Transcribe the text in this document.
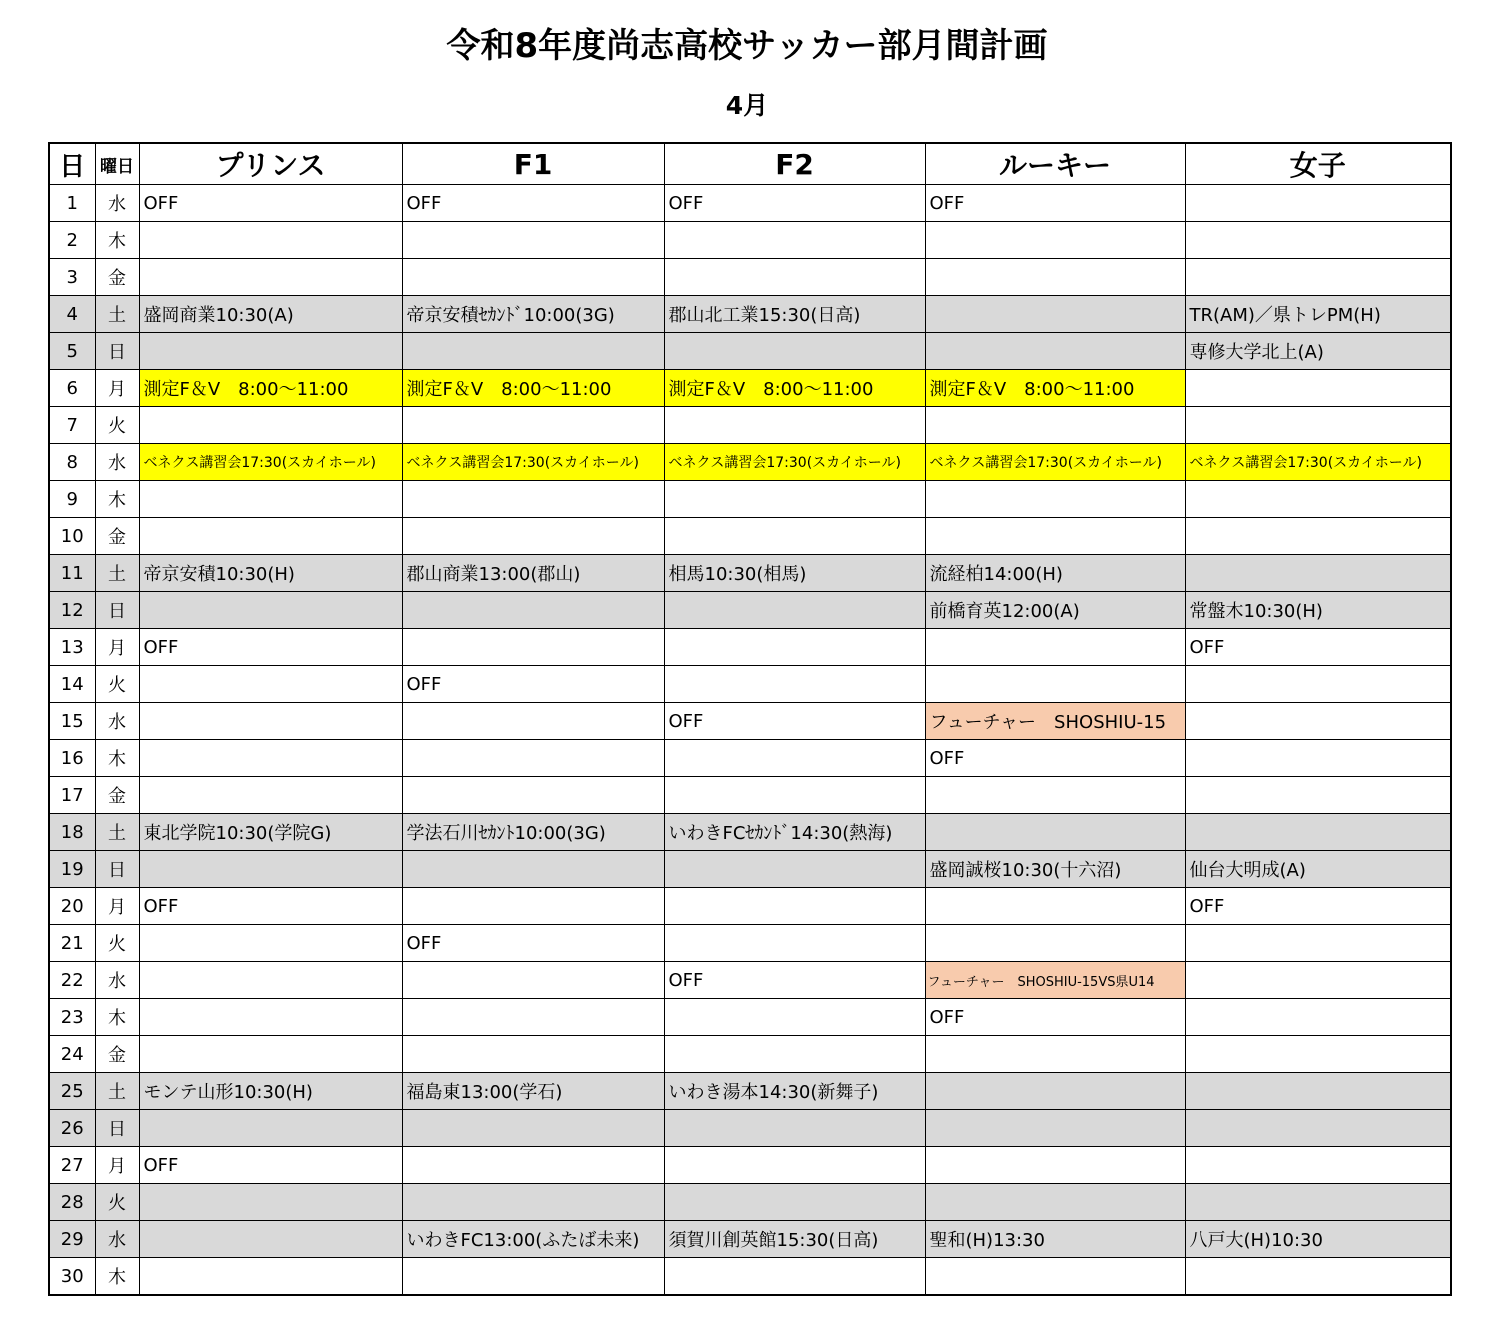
令和8年度尚志高校サッカー部月間計画
4月
日	曜日	プリンス	F1	F2	ルーキー	女子
1	水	OFF	OFF	OFF	OFF	
2	木					
3	金					
4	土	盛岡商業10:30(A)	帝京安積ｾｶﾝﾄﾞ10:00(3G)	郡山北工業15:30(日高)		TR(AM)／県トレPM(H)
5	日					専修大学北上(A)
6	月	測定F＆V　8:00～11:00	測定F＆V　8:00～11:00	測定F＆V　8:00～11:00	測定F＆V　8:00～11:00	
7	火					
8	水	ベネクス講習会17:30(スカイホール)	ベネクス講習会17:30(スカイホール)	ベネクス講習会17:30(スカイホール)	ベネクス講習会17:30(スカイホール)	ベネクス講習会17:30(スカイホール)
9	木					
10	金					
11	土	帝京安積10:30(H)	郡山商業13:00(郡山)	相馬10:30(相馬)	流経柏14:00(H)	
12	日				前橋育英12:00(A)	常盤木10:30(H)
13	月	OFF				OFF
14	火		OFF			
15	水			OFF	フューチャー　SHOSHIU-15	
16	木				OFF	
17	金					
18	土	東北学院10:30(学院G)	学法石川ｾｶﾝﾄ10:00(3G)	いわきFCｾｶﾝﾄﾞ14:30(熱海)		
19	日				盛岡誠桜10:30(十六沼)	仙台大明成(A)
20	月	OFF				OFF
21	火		OFF			
22	水			OFF	フューチャー　SHOSHIU-15VS県U14	
23	木				OFF	
24	金					
25	土	モンテ山形10:30(H)	福島東13:00(学石)	いわき湯本14:30(新舞子)		
26	日					
27	月	OFF				
28	火					
29	水		いわきFC13:00(ふたば未来)	須賀川創英館15:30(日高)	聖和(H)13:30	八戸大(H)10:30
30	木					
